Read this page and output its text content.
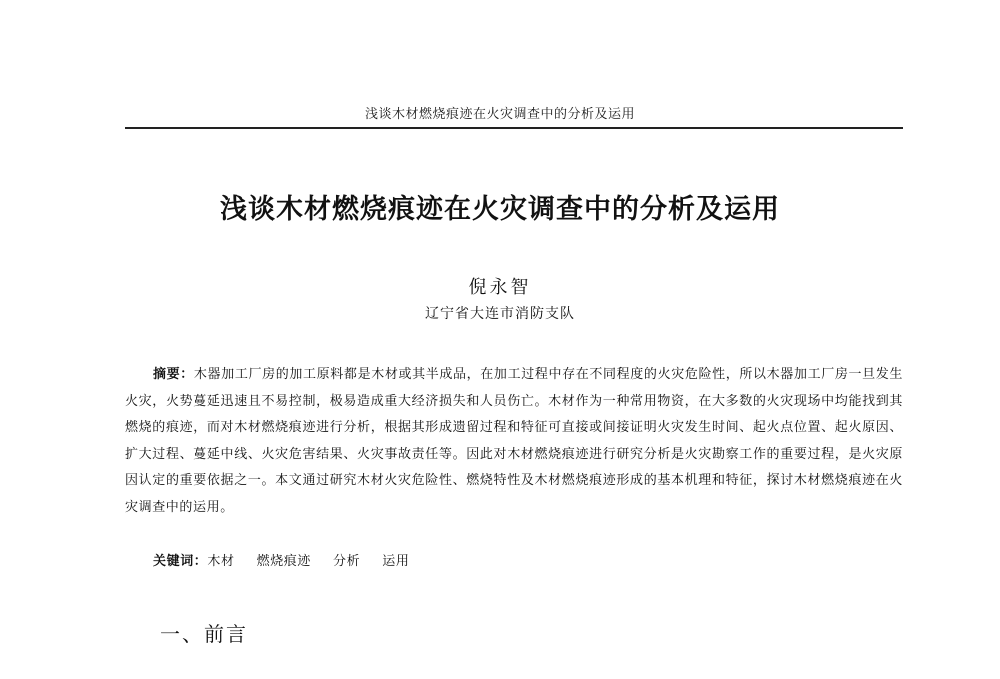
浅谈木材燃烧痕迹在火灾调查中的分析及运用
浅谈木材燃烧痕迹在火灾调查中的分析及运用
倪永智
辽宁省大连市消防支队

摘要：木器加工厂房的加工原料都是木材或其半成品，在加工过程中存在不同程度的火灾危险性，所以木器加工厂房一旦发生火灾，火势蔓延迅速且不易控制，极易造成重大经济损失和人员伤亡。木材作为一种常用物资，在大多数的火灾现场中均能找到其燃烧的痕迹，而对木材燃烧痕迹进行分析，根据其形成遗留过程和特征可直接或间接证明火灾发生时间、起火点位置、起火原因、扩大过程、蔓延中线、火灾危害结果、火灾事故责任等。因此对木材燃烧痕迹进行研究分析是火灾勘察工作的重要过程，是火灾原因认定的重要依据之一。本文通过研究木材火灾危险性、燃烧特性及木材燃烧痕迹形成的基本机理和特征，探讨木材燃烧痕迹在火灾调查中的运用。

关键词：木材 燃烧痕迹 分析 运用
一、前言
